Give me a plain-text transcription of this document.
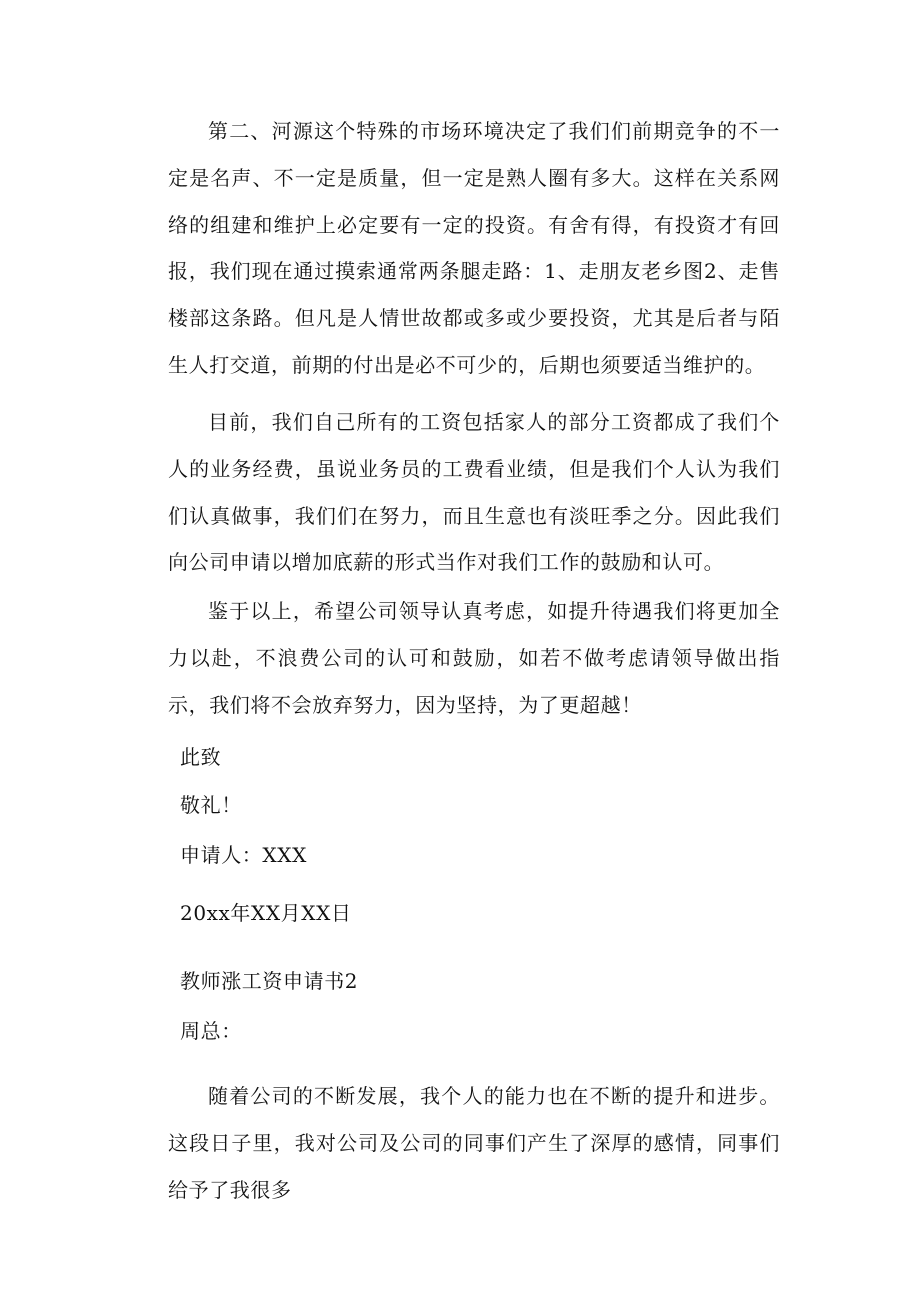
第二、河源这个特殊的市场环境决定了我们们前期竞争的不一定是名声、不一定是质量，但一定是熟人圈有多大。这样在关系网络的组建和维护上必定要有一定的投资。有舍有得，有投资才有回报，我们现在通过摸索通常两条腿走路：1、走朋友老乡图2、走售楼部这条路。但凡是人情世故都或多或少要投资，尤其是后者与陌生人打交道，前期的付出是必不可少的，后期也须要适当维护的。

目前，我们自己所有的工资包括家人的部分工资都成了我们个人的业务经费，虽说业务员的工费看业绩，但是我们个人认为我们们认真做事，我们们在努力，而且生意也有淡旺季之分。因此我们向公司申请以增加底薪的形式当作对我们工作的鼓励和认可。

鉴于以上，希望公司领导认真考虑，如提升待遇我们将更加全力以赴，不浪费公司的认可和鼓励，如若不做考虑请领导做出指示，我们将不会放弃努力，因为坚持，为了更超越！

此致

敬礼！

申请人：XXX

20xx年XX月XX日

教师涨工资申请书2

周总：

随着公司的不断发展，我个人的能力也在不断的提升和进步。这段日子里，我对公司及公司的同事们产生了深厚的感情，同事们给予了我很多
